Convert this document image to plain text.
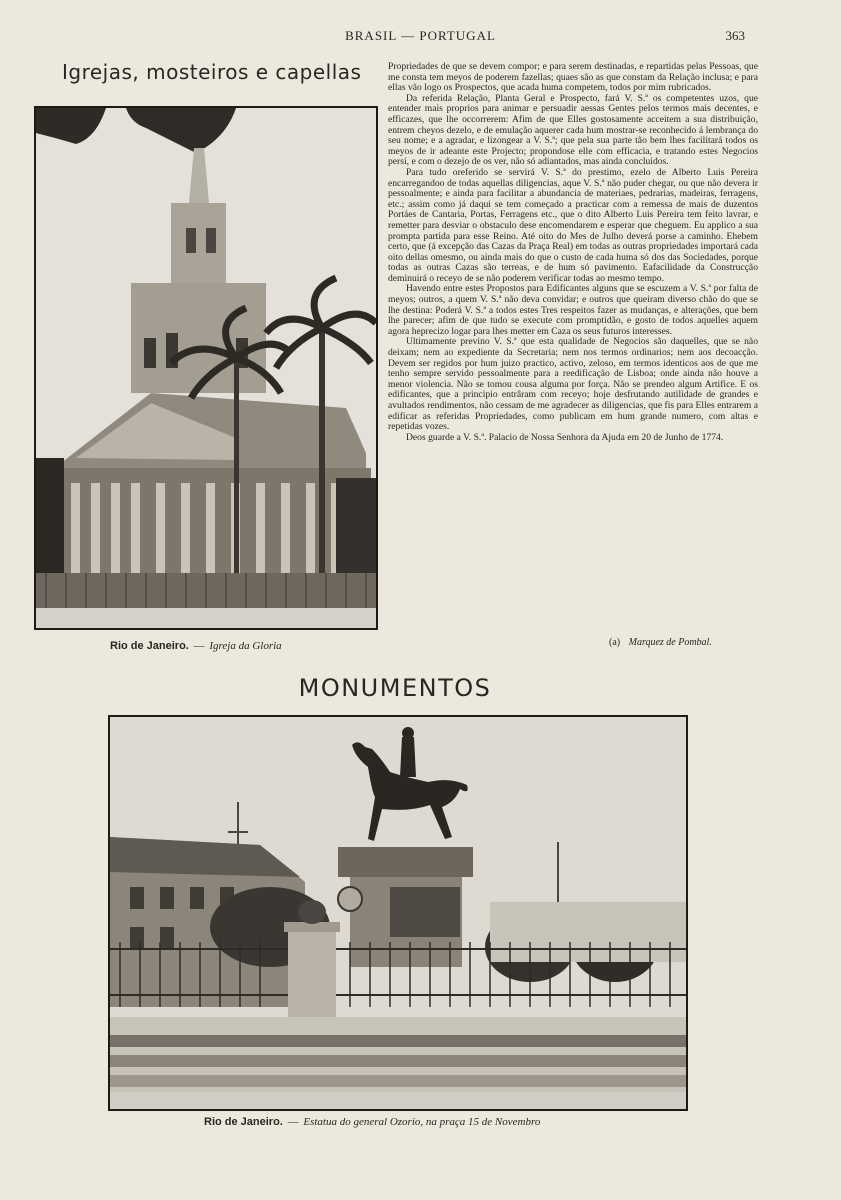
BRASIL — PORTUGAL	363
Igrejas, mosteiros e capellas
Rio de Janeiro. — Igreja da Gloria

Propriedades de que se devem compor; e para serem destinadas, e repartidas pelas Pessoas, que me consta tem meyos de poderem fazellas; quaes são as que constam da Relação inclusa; e para ellas vão logo os Prospectos, que acada huma competem, todos por mim rubricados.

Da referida Relação, Planta Geral e Prospecto, fará V. S.ª os competentes uzos, que entender mais proprios para animar e persuadir aessas Gentes pelos termos mais decentes, e efficazes, que lhe occorrerem: Afim de que Elles gostosamente acceitem a sua distribuição, entrem cheyos dezelo, e de emulação aquerer cada hum mostrar-se reconhecido á lembrança do seu nome; e a agradar, e lizongear a V. S.ª; que pela sua parte tão bem lhes facilitará todos os meyos de ir adeante este Projecto; propondose elle com efficacia, e tratando estes Negocios persi, e com o dezejo de os ver, não só adiantados, mas ainda concluidos.

Para tudo oreferido se servirá V. S.ª do prestimo, ezelo de Alberto Luis Pereira encarregandoo de todas aquellas diligencias, aque V. S.ª não puder chegar, ou que não devera ir pessoalmente; e ainda para facilitar a abundancia de materiaes, pedrarias, madeiras, ferragens, etc.; assim como já daqui se tem começado a practicar com a remessa de mais de duzentos Portáes de Cantaria, Portas, Ferragens etc., que o dito Alberto Luis Pereira tem feito lavrar, e remetter para desviar o obstaculo dese encomendarem e esperar que cheguem. Eu applico a sua prompta partida para esse Reino. Até oito do Mes de Julho deverá porse a caminho. Ehebem certo, que (á excepção das Cazas da Praça Real) em todas as outras propriedades importará cada oito dellas omesmo, ou ainda mais do que o custo de cada huma só dos das Sociedades, porque todas as outras Cazas são terreas, e de hum só pavimento. Eafacilidade da Construcção deminuirá o receyo de se não poderem verificar todas ao mesmo tempo.

Havendo entre estes Propostos para Edificantes alguns que se escuzem a V. S.ª por falta de meyos; outros, a quem V. S.ª não deva convidar; e outros que queiram diverso chão do que se lhe destina: Poderá V. S.ª a todos estes Tres respeitos fazer as mudanças, e alterações, que bem lhe parecer; afim de que tudo se execute com promptidão, e gosto de todos aquelles aquem agora heprecizo logar para lhes metter em Caza os seus futuros interesses.

Ultimamente previno V. S.ª que esta qualidade de Negocios são daquelles, que se não deixam; nem ao expediente da Secretaria; nem nos termos ordinarios; nem aos decoacção. Devem ser regidos por hum juizo practico, activo, zeloso, em termos identicos aos de que me tenho sempre servido pessoalmente para a reedificação de Lisboa; onde ainda não houve a menor violencia. Não se tomou cousa alguma por força. Não se prendeo algum Artifice. E os edificantes, que a principio entrâram com receyo; hoje desfrutando autilidade de grandes e avultados rendimentos, não cessam de me agradecer as diligencias, que fis para Elles entrarem a edificar as referidas Propriedades, como publicam em hum grande numero, com altas e repetidas vozes.

Deos guarde a V. S.ª. Palacio de Nossa Senhora da Ajuda em 20 de Junho de 1774.

(a) Marquez de Pombal.
MONUMENTOS
Rio de Janeiro. — Estatua do general Ozorio, na praça 15 de Novembro
